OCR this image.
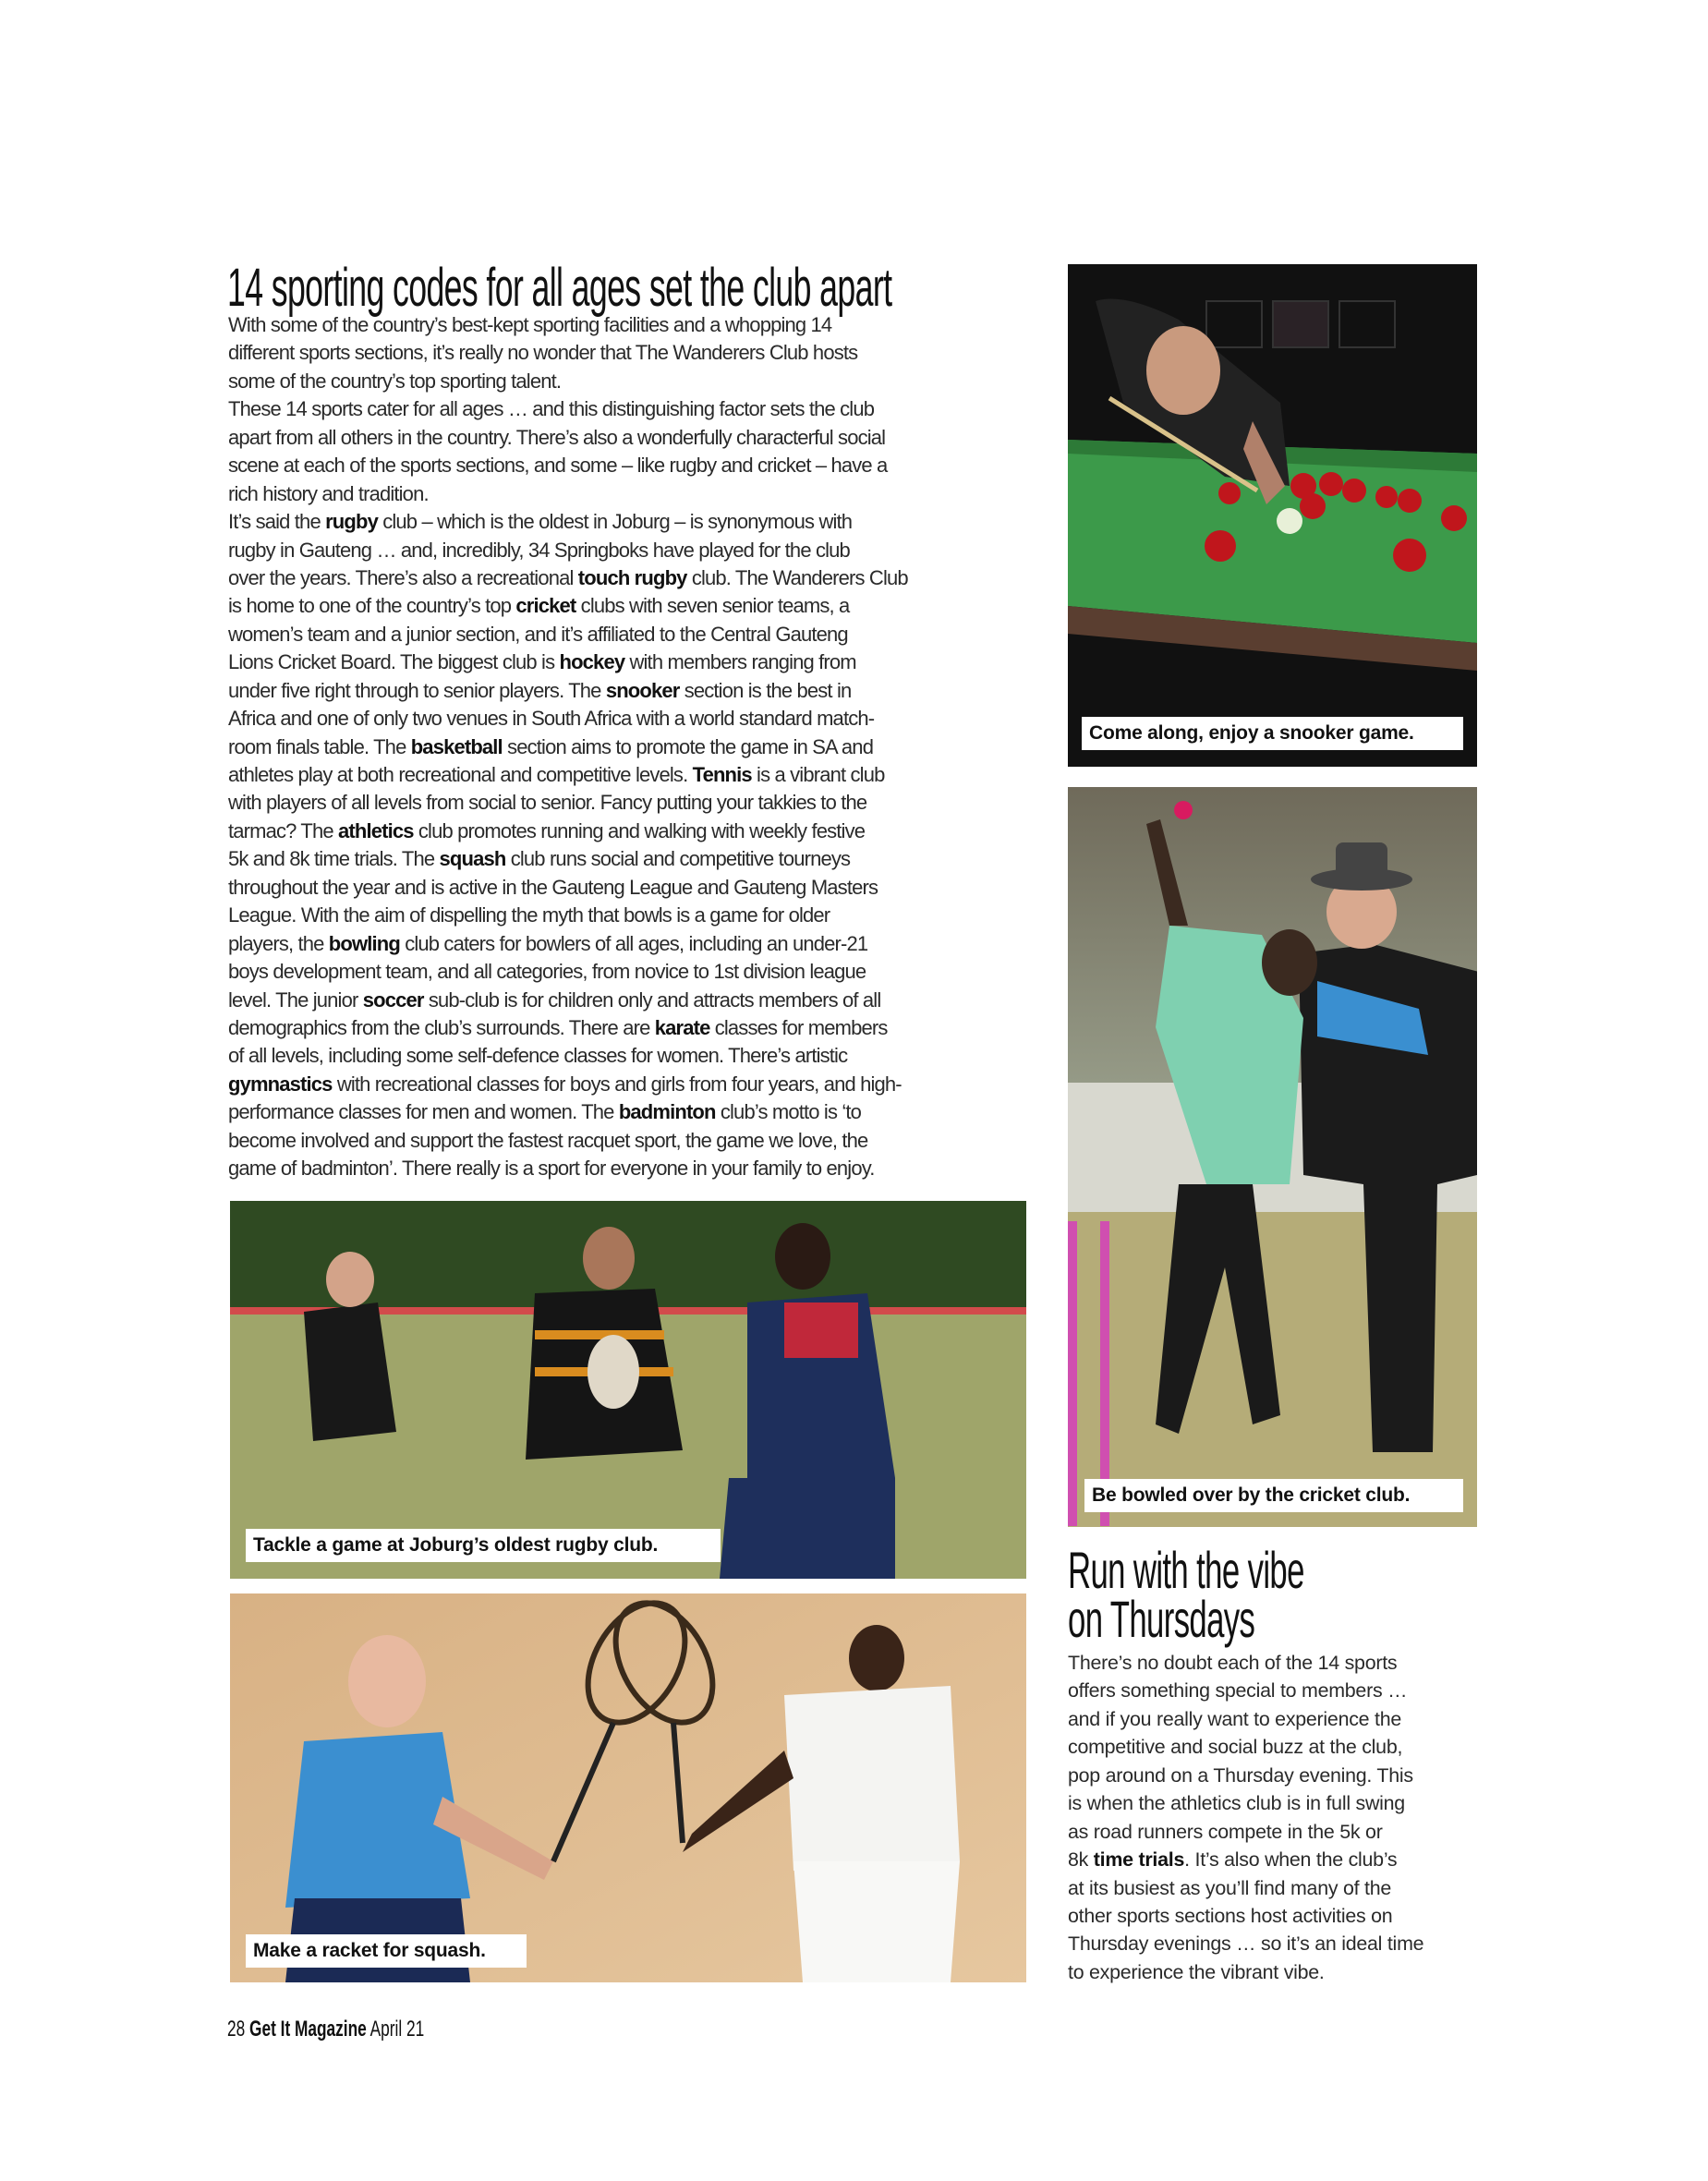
14 sporting codes for all ages set the club apart
With some of the country’s best-kept sporting facilities and a whopping 14
different sports sections, it’s really no wonder that The Wanderers Club hosts
some of the country’s top sporting talent.
These 14 sports cater for all ages … and this distinguishing factor sets the club
apart from all others in the country. There’s also a wonderfully characterful social
scene at each of the sports sections, and some – like rugby and cricket – have a
rich history and tradition.
It’s said the rugby club – which is the oldest in Joburg – is synonymous with
rugby in Gauteng … and, incredibly, 34 Springboks have played for the club
over the years. There’s also a recreational touch rugby club. The Wanderers Club
is home to one of the country’s top cricket clubs with seven senior teams, a
women’s team and a junior section, and it’s affiliated to the Central Gauteng
Lions Cricket Board. The biggest club is hockey with members ranging from
under five right through to senior players. The snooker section is the best in
Africa and one of only two venues in South Africa with a world standard match-
room finals table. The basketball section aims to promote the game in SA and
athletes play at both recreational and competitive levels. Tennis is a vibrant club
with players of all levels from social to senior. Fancy putting your takkies to the
tarmac? The athletics club promotes running and walking with weekly festive
5k and 8k time trials. The squash club runs social and competitive tourneys
throughout the year and is active in the Gauteng League and Gauteng Masters
League. With the aim of dispelling the myth that bowls is a game for older
players, the bowling club caters for bowlers of all ages, including an under-21
boys development team, and all categories, from novice to 1st division league
level. The junior soccer sub-club is for children only and attracts members of all
demographics from the club’s surrounds. There are karate classes for members
of all levels, including some self-defence classes for women. There’s artistic
gymnastics with recreational classes for boys and girls from four years, and high-
performance classes for men and women. The badminton club’s motto is ‘to
become involved and support the fastest racquet sport, the game we love, the
game of badminton’. There really is a sport for everyone in your family to enjoy.
Come along, enjoy a snooker game.
Be bowled over by the cricket club.
Tackle a game at Joburg’s oldest rugby club.
Make a racket for squash.
Run with the vibe
on Thursdays
There’s no doubt each of the 14 sports
offers something special to members …
and if you really want to experience the
competitive and social buzz at the club,
pop around on a Thursday evening. This
is when the athletics club is in full swing
as road runners compete in the 5k or
8k time trials. It’s also when the club’s
at its busiest as you’ll find many of the
other sports sections host activities on
Thursday evenings … so it’s an ideal time
to experience the vibrant vibe.
28 Get It Magazine April 21
